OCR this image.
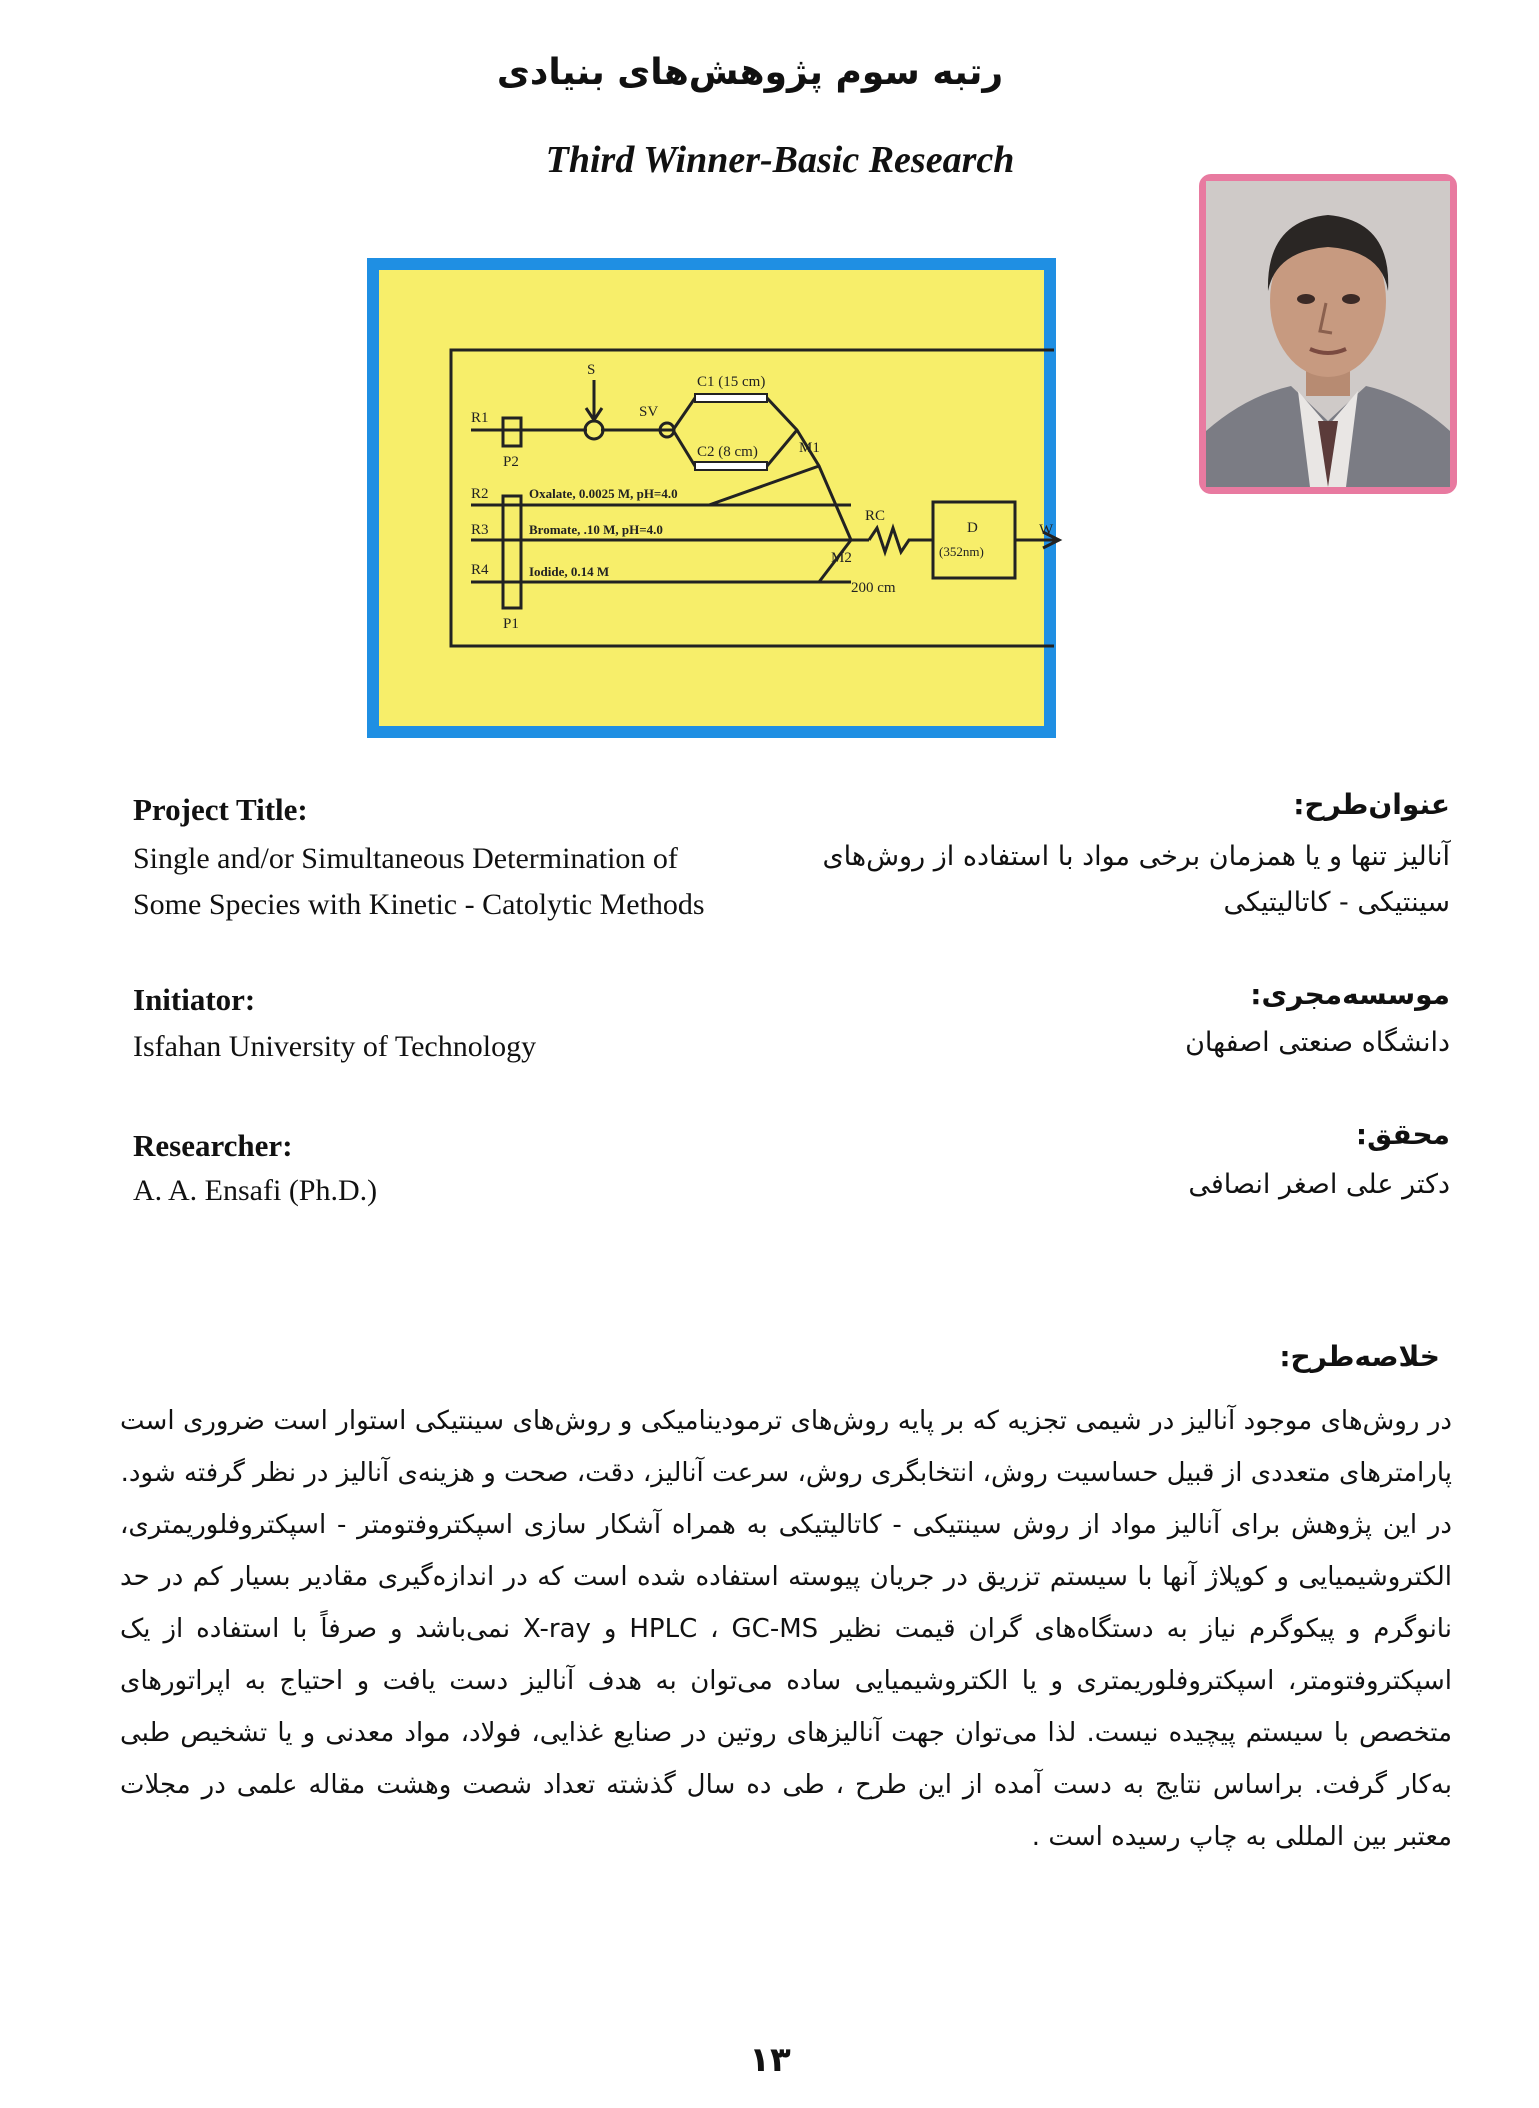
رتبه سوم پژوهش‌های بنیادی
Third Winner-Basic Research
R1
R2
R3
R4
P2
P1
S
SV
C1 (15 cm)
C2 (8 cm)	M1
M2
RC
200 cm
D
(352nm)
W
Oxalate, 0.0025 M, pH=4.0
Bromate, .10 M, pH=4.0
Iodide, 0.14 M
Project Title:
Single and/or Simultaneous Determination of
Some Species with Kinetic - Catolytic Methods
Initiator:
Isfahan University of Technology
Researcher:
A. A. Ensafi (Ph.D.)
عنوان‌طرح:
آنالیز تنها و یا همزمان برخی مواد با استفاده از روش‌های
سینتیکی - کاتالیتیکی
موسسه‌مجری:
دانشگاه صنعتی اصفهان
محقق:
دکتر علی اصغر انصافی
خلاصه‌طرح:

در روش‌های موجود آنالیز در شیمی تجزیه که بر پایه روش‌های ترمودینامیکی و روش‌های سینتیکی استوار است ضروری است پارامترهای متعددی از قبیل حساسیت روش، انتخابگری روش، سرعت آنالیز، دقت، صحت و هزینه‌ی آنالیز در نظر گرفته شود.

در این پژوهش برای آنالیز مواد از روش سینتیکی - کاتالیتیکی به همراه آشکار سازی اسپکتروفتومتر - اسپکتروفلوریمتری، الکتروشیمیایی و کوپلاژ آنها با سیستم تزریق در جریان پیوسته استفاده شده است که در اندازه‌گیری مقادیر بسیار کم در حد نانوگرم و پیکوگرم نیاز به دستگاه‌های گران قیمت نظیر HPLC ، GC-MS و X-ray نمی‌باشد و صرفاً با استفاده از یک اسپکتروفتومتر، اسپکتروفلوریمتری و یا الکتروشیمیایی ساده می‌توان به هدف آنالیز دست یافت و احتیاج به اپراتورهای متخصص با سیستم پیچیده نیست. لذا می‌توان جهت آنالیزهای روتین در صنایع غذایی، فولاد، مواد معدنی و یا تشخیص طبی به‌کار گرفت. براساس نتایج به دست آمده از این طرح ، طی ده سال گذشته تعداد شصت وهشت مقاله علمی در مجلات معتبر بین المللی به چاپ رسیده است .

۱۳
